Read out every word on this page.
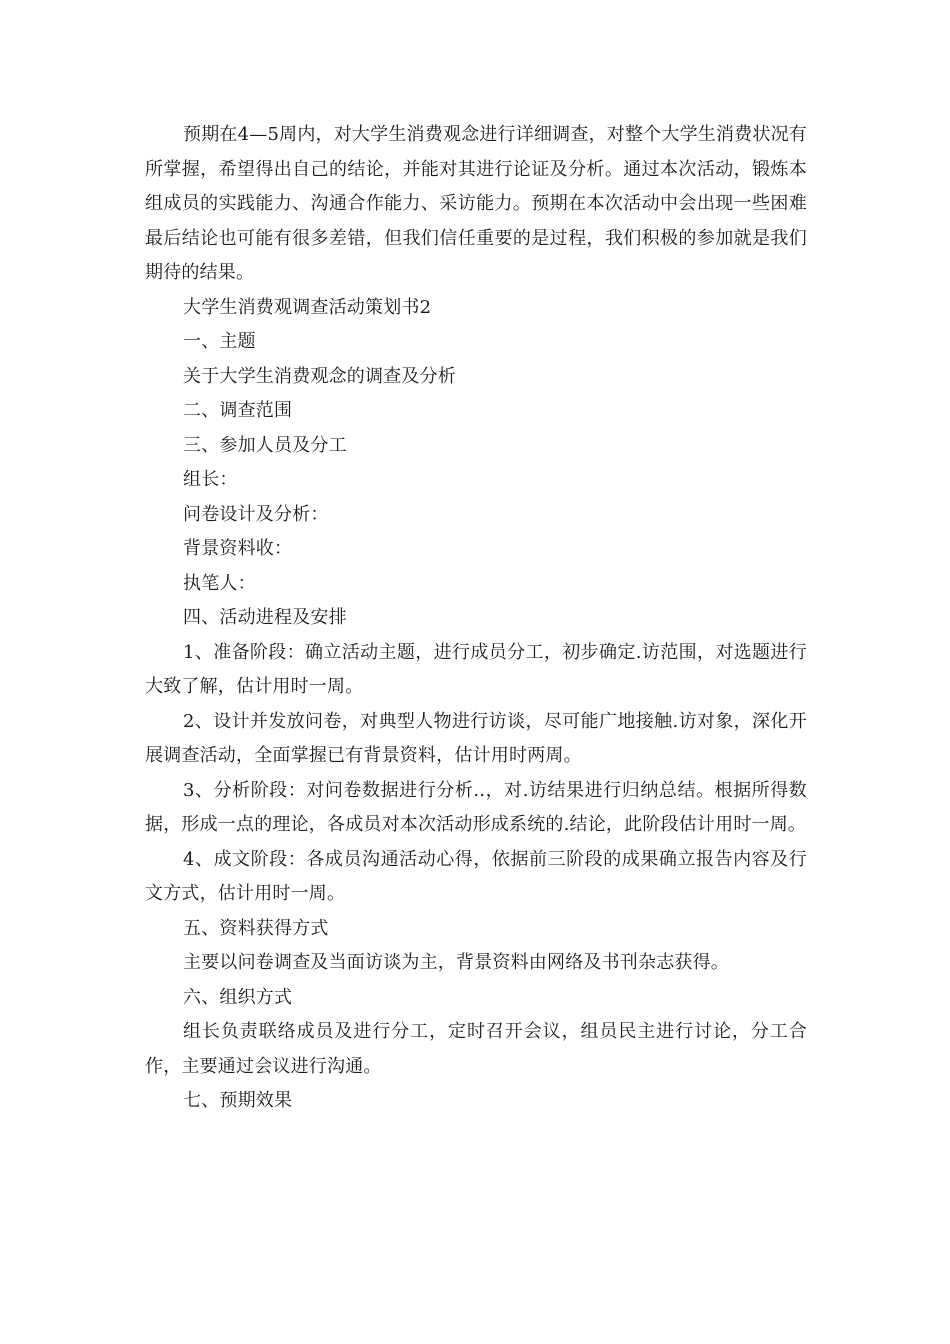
预期在4—5周内，对大学生消费观念进行详细调查，对整个大学生消费状况有所掌握，希望得出自己的结论，并能对其进行论证及分析。通过本次活动，锻炼本组成员的实践能力、沟通合作能力、采访能力。预期在本次活动中会出现一些困难最后结论也可能有很多差错，但我们信任重要的是过程，我们积极的参加就是我们期待的结果。

大学生消费观调查活动策划书2

一、主题

关于大学生消费观念的调查及分析

二、调查范围

三、参加人员及分工

组长：

问卷设计及分析：

背景资料收：

执笔人：

四、活动进程及安排

1、准备阶段：确立活动主题，进行成员分工，初步确定.访范围，对选题进行大致了解，估计用时一周。

2、设计并发放问卷，对典型人物进行访谈，尽可能广地接触.访对象，深化开展调查活动，全面掌握已有背景资料，估计用时两周。

3、分析阶段：对问卷数据进行分析..，对.访结果进行归纳总结。根据所得数据，形成一点的理论，各成员对本次活动形成系统的.结论，此阶段估计用时一周。

4、成文阶段：各成员沟通活动心得，依据前三阶段的成果确立报告内容及行文方式，估计用时一周。

五、资料获得方式

主要以问卷调查及当面访谈为主，背景资料由网络及书刊杂志获得。

六、组织方式

组长负责联络成员及进行分工，定时召开会议，组员民主进行讨论，分工合作，主要通过会议进行沟通。

七、预期效果
